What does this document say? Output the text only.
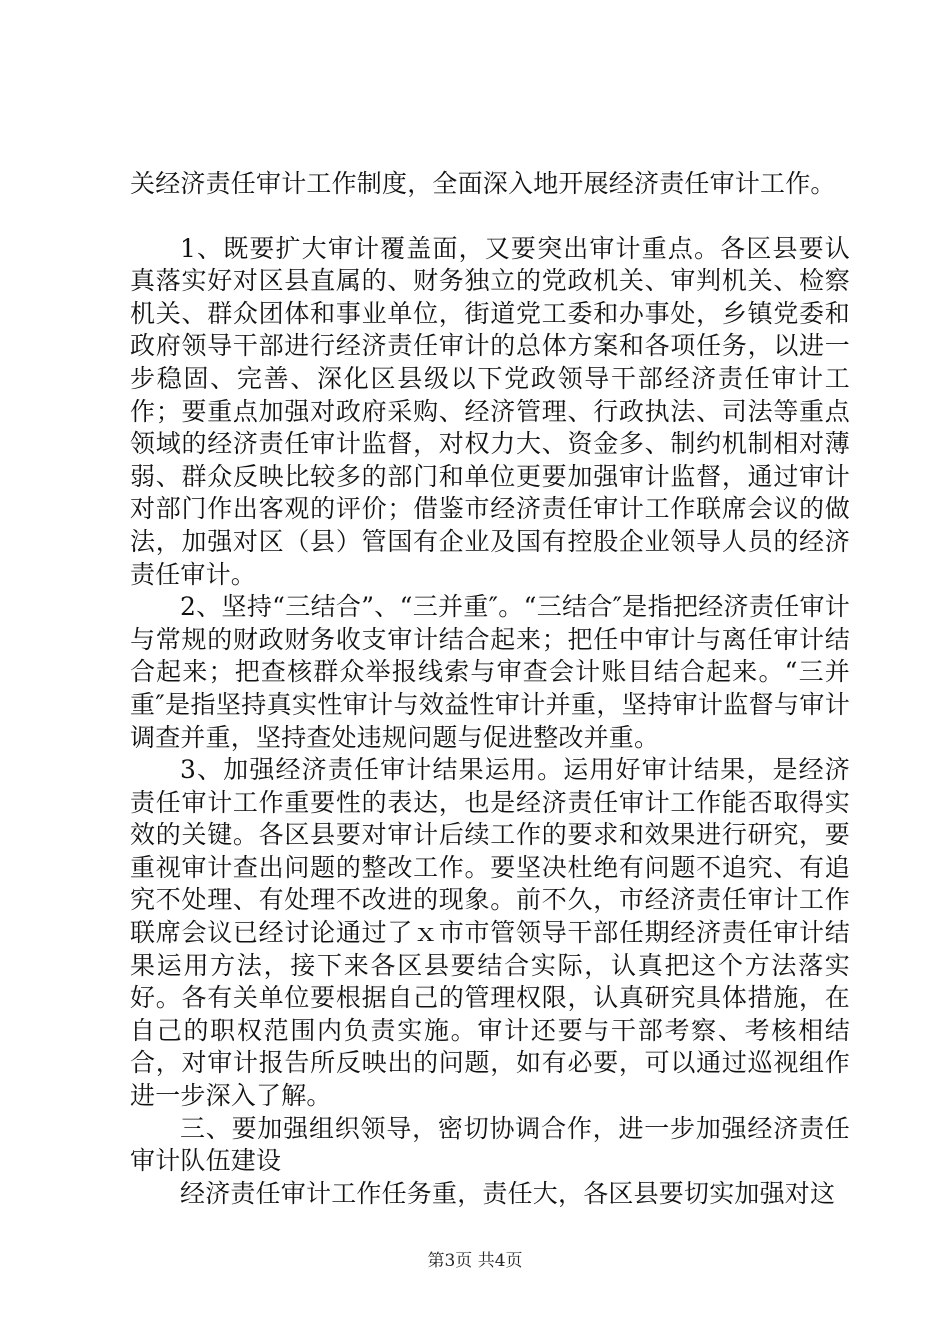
关经济责任审计工作制度，全面深入地开展经济责任审计工作。

1、既要扩大审计覆盖面，又要突出审计重点。各区县要认真落实好对区县直属的、财务独立的党政机关、审判机关、检察机关、群众团体和事业单位，街道党工委和办事处，乡镇党委和政府领导干部进行经济责任审计的总体方案和各项任务，以进一步稳固、完善、深化区县级以下党政领导干部经济责任审计工作；要重点加强对政府采购、经济管理、行政执法、司法等重点领域的经济责任审计监督，对权力大、资金多、制约机制相对薄弱、群众反映比较多的部门和单位更要加强审计监督，通过审计对部门作出客观的评价；借鉴市经济责任审计工作联席会议的做法，加强对区（县）管国有企业及国有控股企业领导人员的经济责任审计。

2、坚持“三结合”、“三并重″。“三结合″是指把经济责任审计与常规的财政财务收支审计结合起来；把任中审计与离任审计结合起来；把查核群众举报线索与审查会计账目结合起来。“三并重″是指坚持真实性审计与效益性审计并重，坚持审计监督与审计调查并重，坚持查处违规问题与促进整改并重。

3、加强经济责任审计结果运用。运用好审计结果，是经济责任审计工作重要性的表达，也是经济责任审计工作能否取得实效的关键。各区县要对审计后续工作的要求和效果进行研究，要重视审计查出问题的整改工作。要坚决杜绝有问题不追究、有追究不处理、有处理不改进的现象。前不久，市经济责任审计工作联席会议已经讨论通过了ｘ市市管领导干部任期经济责任审计结果运用方法，接下来各区县要结合实际，认真把这个方法落实好。各有关单位要根据自己的管理权限，认真研究具体措施，在自己的职权范围内负责实施。审计还要与干部考察、考核相结合，对审计报告所反映出的问题，如有必要，可以通过巡视组作进一步深入了解。

三、要加强组织领导，密切协调合作，进一步加强经济责任审计队伍建设

经济责任审计工作任务重，责任大，各区县要切实加强对这

第3页 共4页
